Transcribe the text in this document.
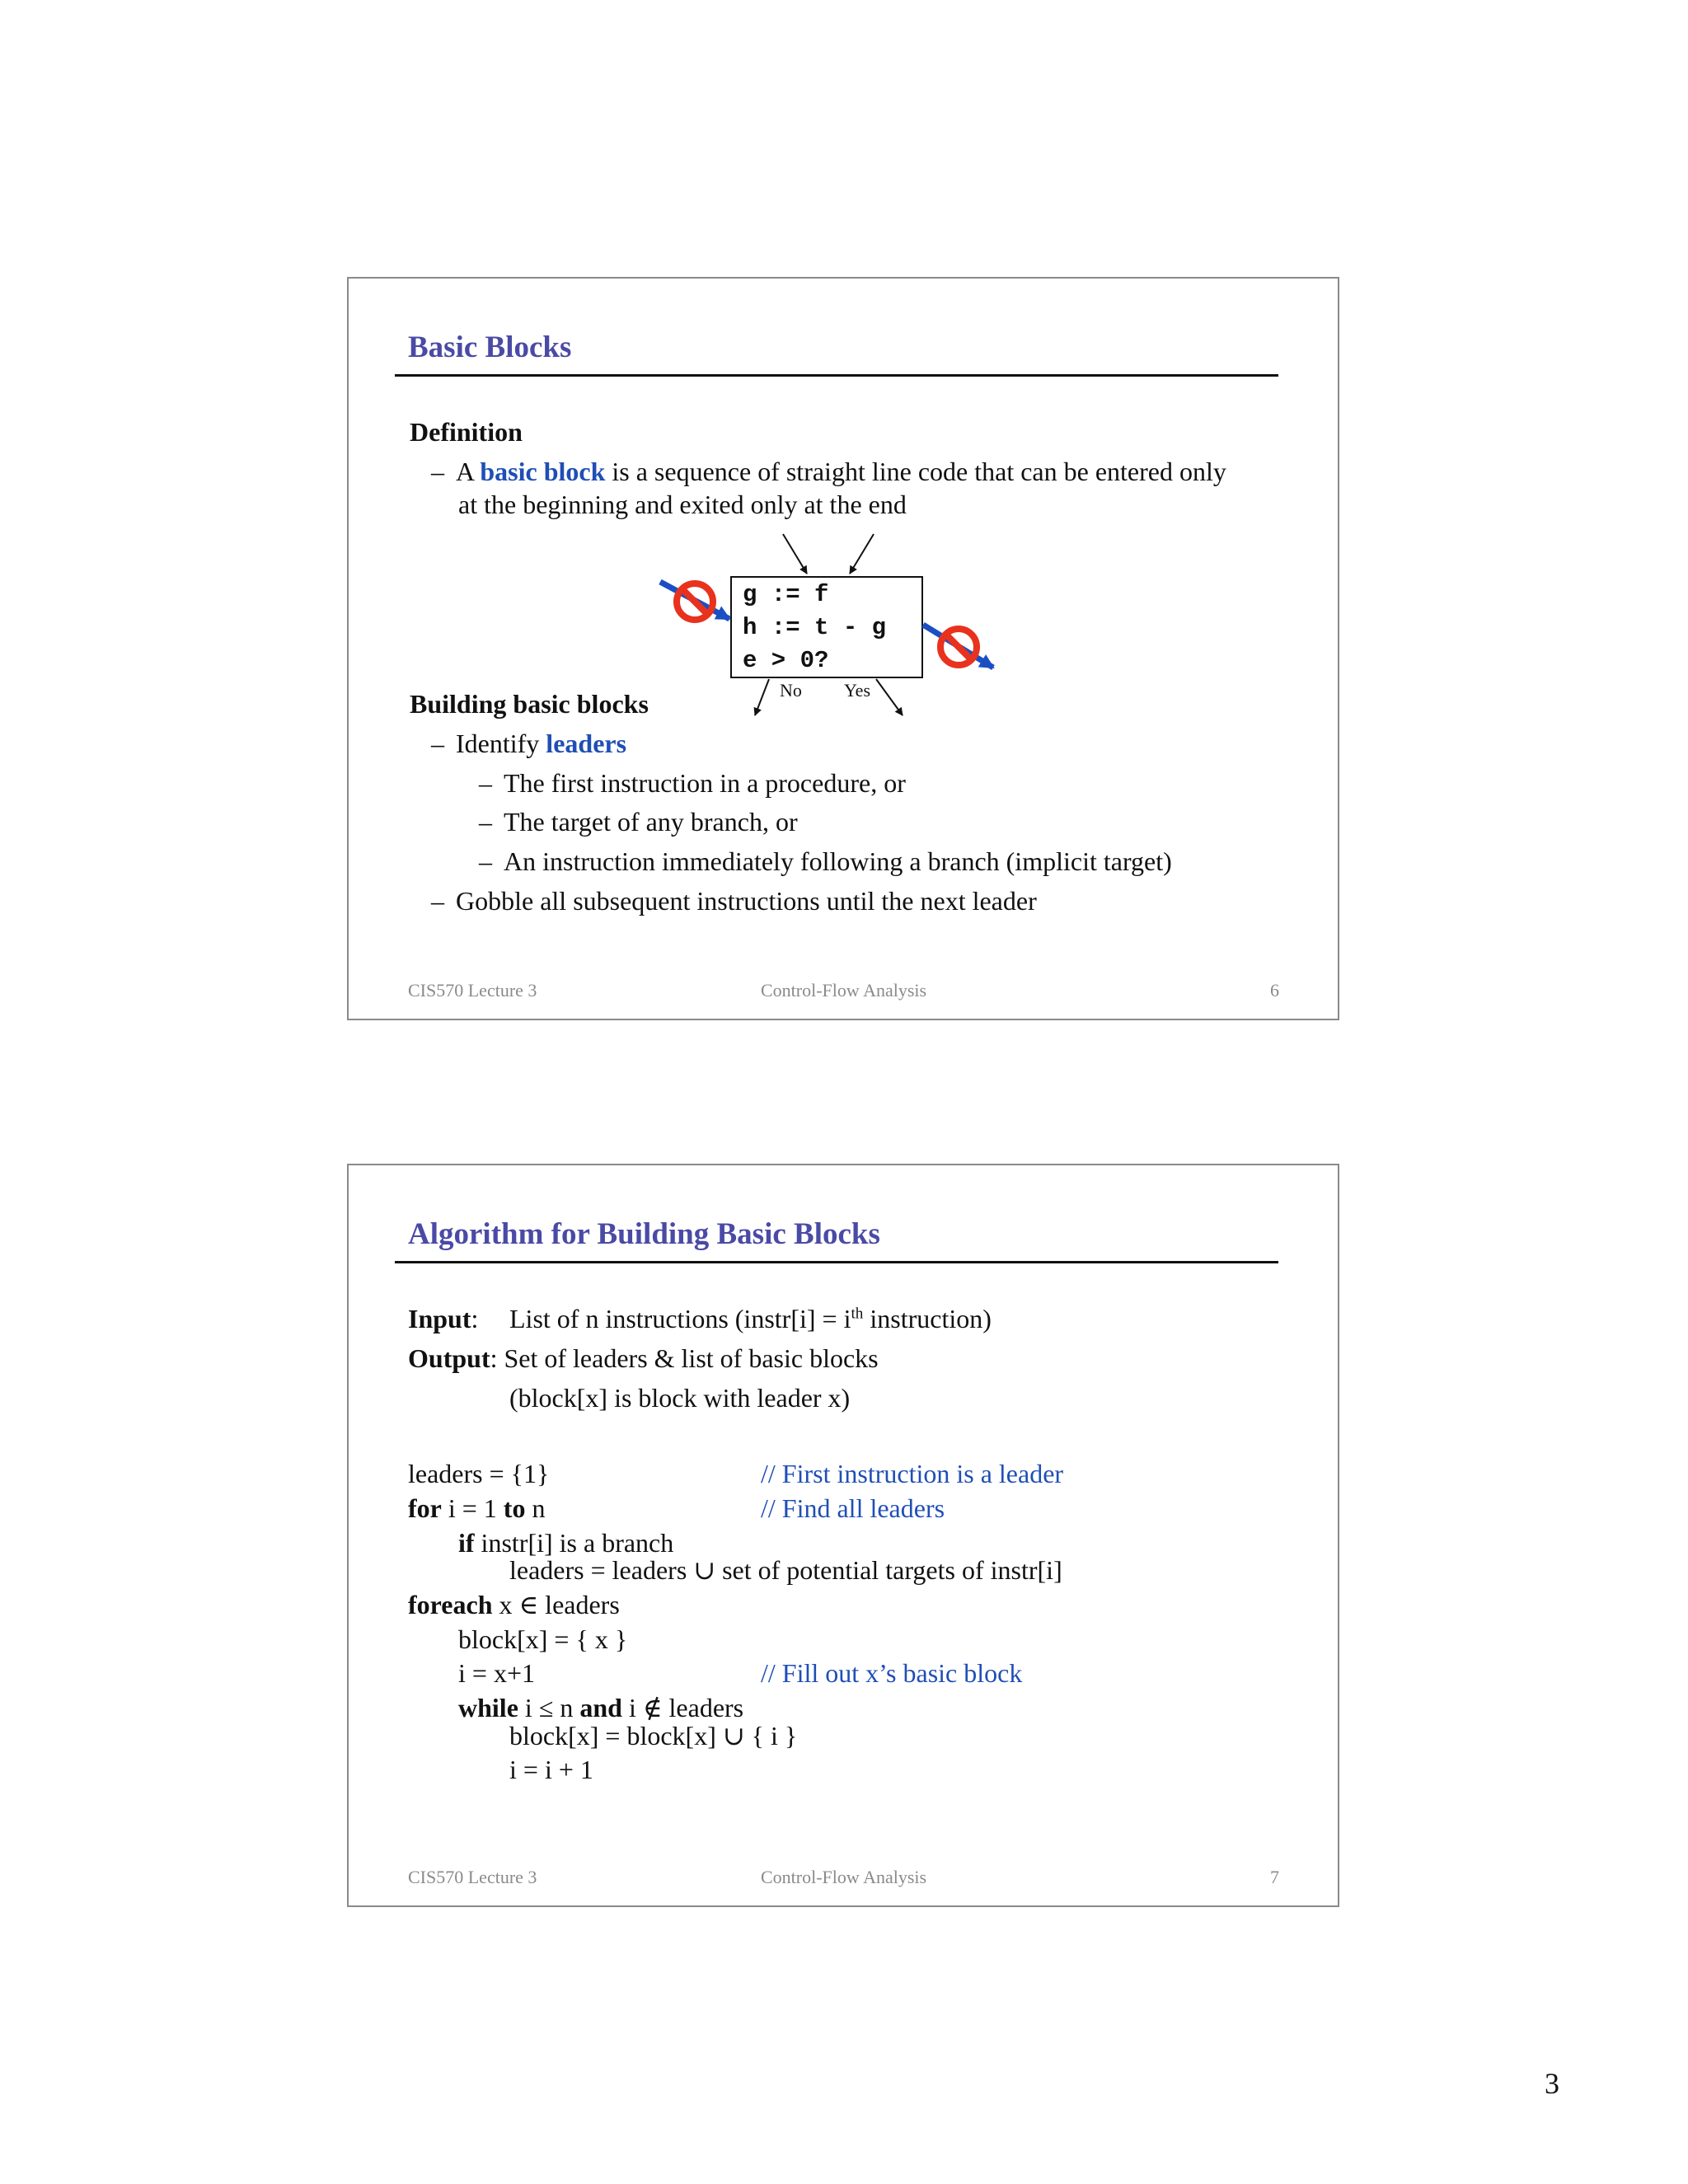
Basic Blocks
Definition
– A basic block is a sequence of straight line code that can be entered only
at the beginning and exited only at the end
g := f
h := t - g
e > 0?
No Yes
Building basic blocks
– Identify leaders
– The first instruction in a procedure, or
– The target of any branch, or
– An instruction immediately following a branch (implicit target)
– Gobble all subsequent instructions until the next leader
CIS570 Lecture 3	Control-Flow Analysis	6
Algorithm for Building Basic Blocks
Input: List of n instructions (instr[i] = $i^{th}$ instruction)
Output: Set of leaders & list of basic blocks
(block[x] is block with leader x)
leaders = {1}	// First instruction is a leader
for i = 1 to n	// Find all leaders
if instr[i] is a branch
leaders = leaders ∪ set of potential targets of instr[i]
foreach x ∈ leaders
block[x] = { x }
i = x+1	// Fill out x’s basic block
while i ≤ n and i ∉ leaders
block[x] = block[x] ∪ { i }
i = i + 1
CIS570 Lecture 3	Control-Flow Analysis	7
3
